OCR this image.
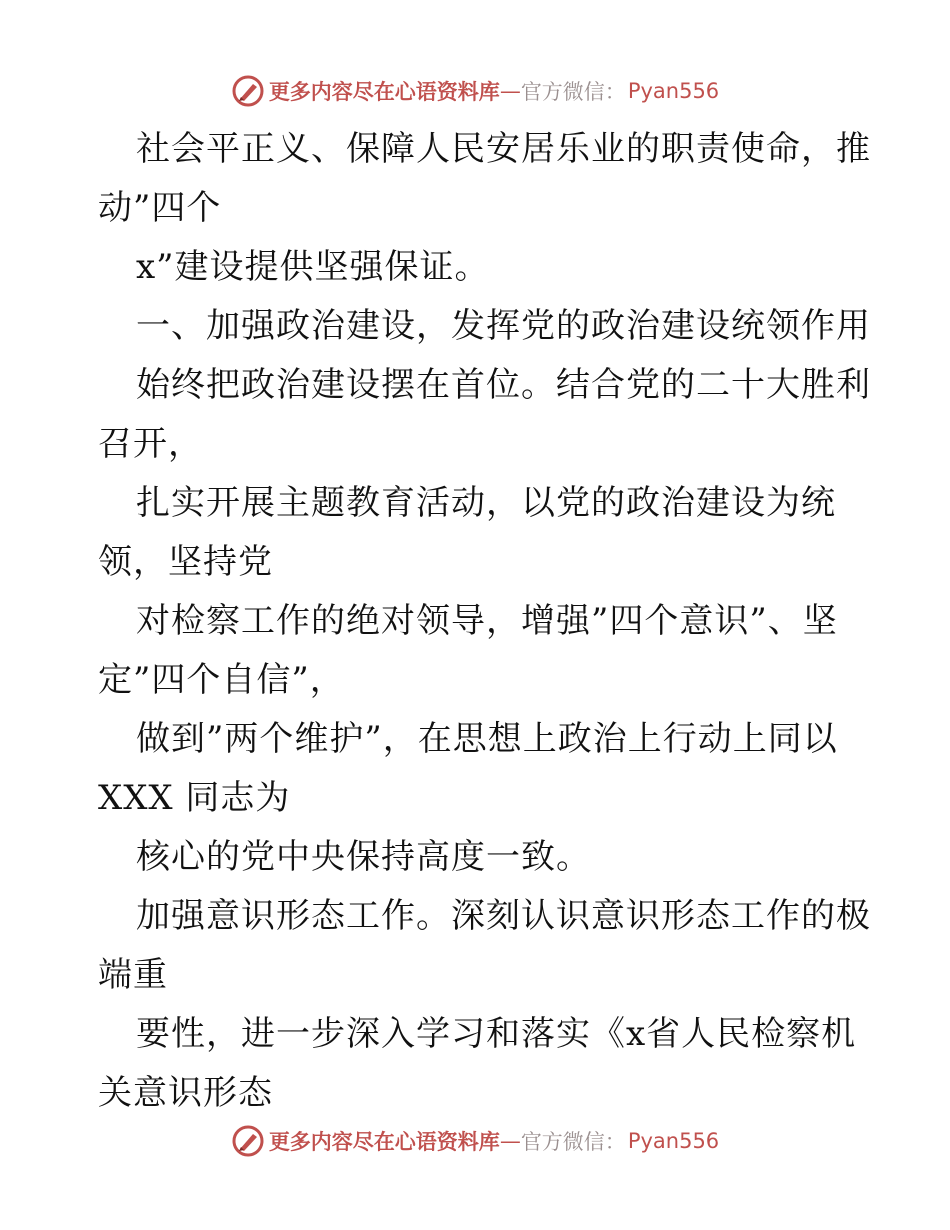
更多内容尽在心语资料库 — 官方微信： Pyan556
社会平正义、保障人民安居乐业的职责使命，推
动”四个
x”建设提供坚强保证。
一、加强政治建设，发挥党的政治建设统领作用
始终把政治建设摆在首位。结合党的二十大胜利
召开，
扎实开展主题教育活动，以党的政治建设为统
领，坚持党
对检察工作的绝对领导，增强”四个意识”、坚
定”四个自信”，
做到”两个维护”，在思想上政治上行动上同以
XXX 同志为
核心的党中央保持高度一致。
加强意识形态工作。深刻认识意识形态工作的极
端重
要性，进一步深入学习和落实《x省人民检察机
关意识形态
更多内容尽在心语资料库 — 官方微信： Pyan556
